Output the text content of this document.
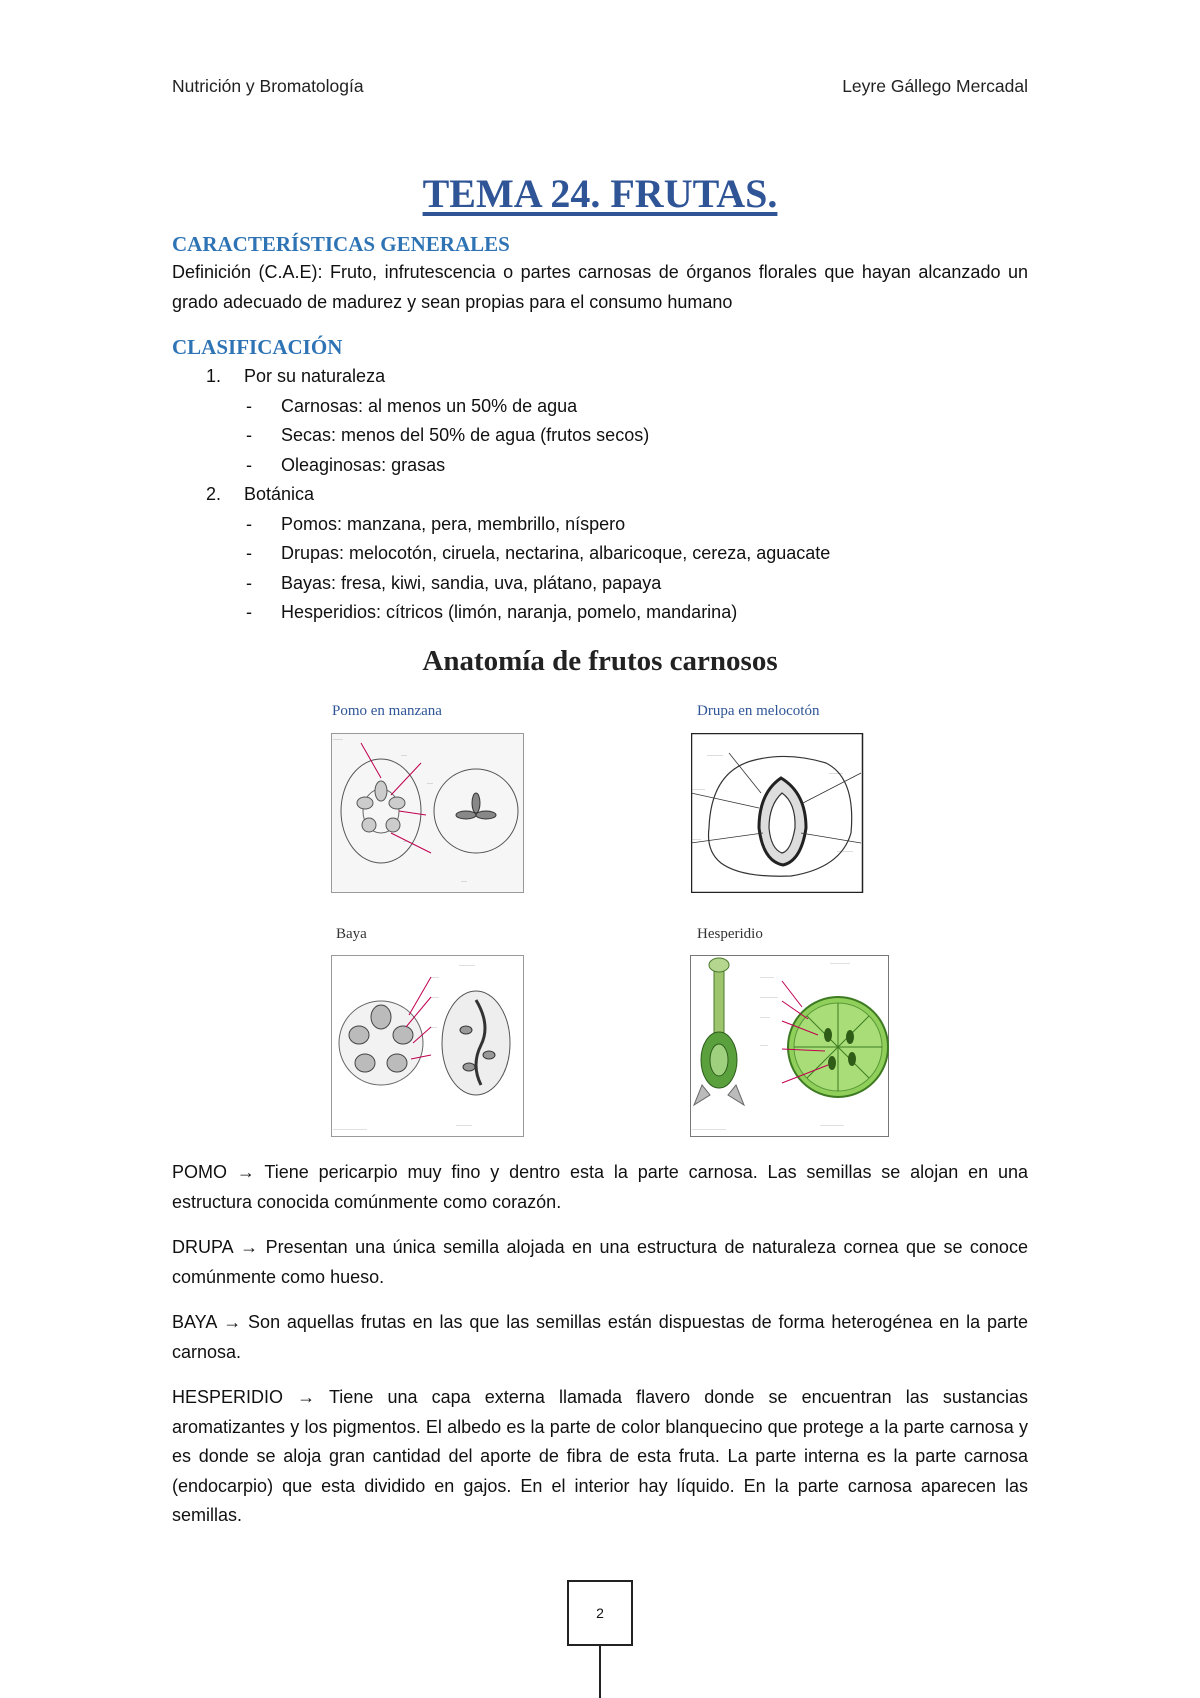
Nutrición y Bromatología	Leyre Gállego Mercadal
TEMA 24. FRUTAS.
CARACTERÍSTICAS GENERALES
Definición (C.A.E): Fruto, infrutescencia o partes carnosas de órganos florales que hayan alcanzado un grado adecuado de madurez y sean propias para el consumo humano
CLASIFICACIÓN
1. Por su naturaleza
- Carnosas: al menos un 50% de agua
- Secas: menos del 50% de agua (frutos secos)
- Oleaginosas: grasas
2. Botánica
- Pomos: manzana, pera, membrillo, níspero
- Drupas: melocotón, ciruela, nectarina, albaricoque, cereza, aguacate
- Bayas: fresa, kiwi, sandia, uva, plátano, papaya
- Hesperidios: cítricos (limón, naranja, pomelo, mandarina)
Anatomía de frutos carnosos
Pomo en manzana	Drupa en melocotón
Baya	Hesperidio
·····
···
···
···
···
········
·······
·······
·····
········
········
····
····
···
·················
········
··········
·······
·········
·····
····
············
·················
POMO → Tiene pericarpio muy fino y dentro esta la parte carnosa. Las semillas se alojan en una estructura conocida comúnmente como corazón.
DRUPA → Presentan una única semilla alojada en una estructura de naturaleza cornea que se conoce comúnmente como hueso.
BAYA → Son aquellas frutas en las que las semillas están dispuestas de forma heterogénea en la parte carnosa.
HESPERIDIO → Tiene una capa externa llamada flavero donde se encuentran las sustancias aromatizantes y los pigmentos. El albedo es la parte de color blanquecino que protege a la parte carnosa y es donde se aloja gran cantidad del aporte de fibra de esta fruta. La parte interna es la parte carnosa (endocarpio) que esta dividido en gajos. En el interior hay líquido. En la parte carnosa aparecen las semillas.
2
